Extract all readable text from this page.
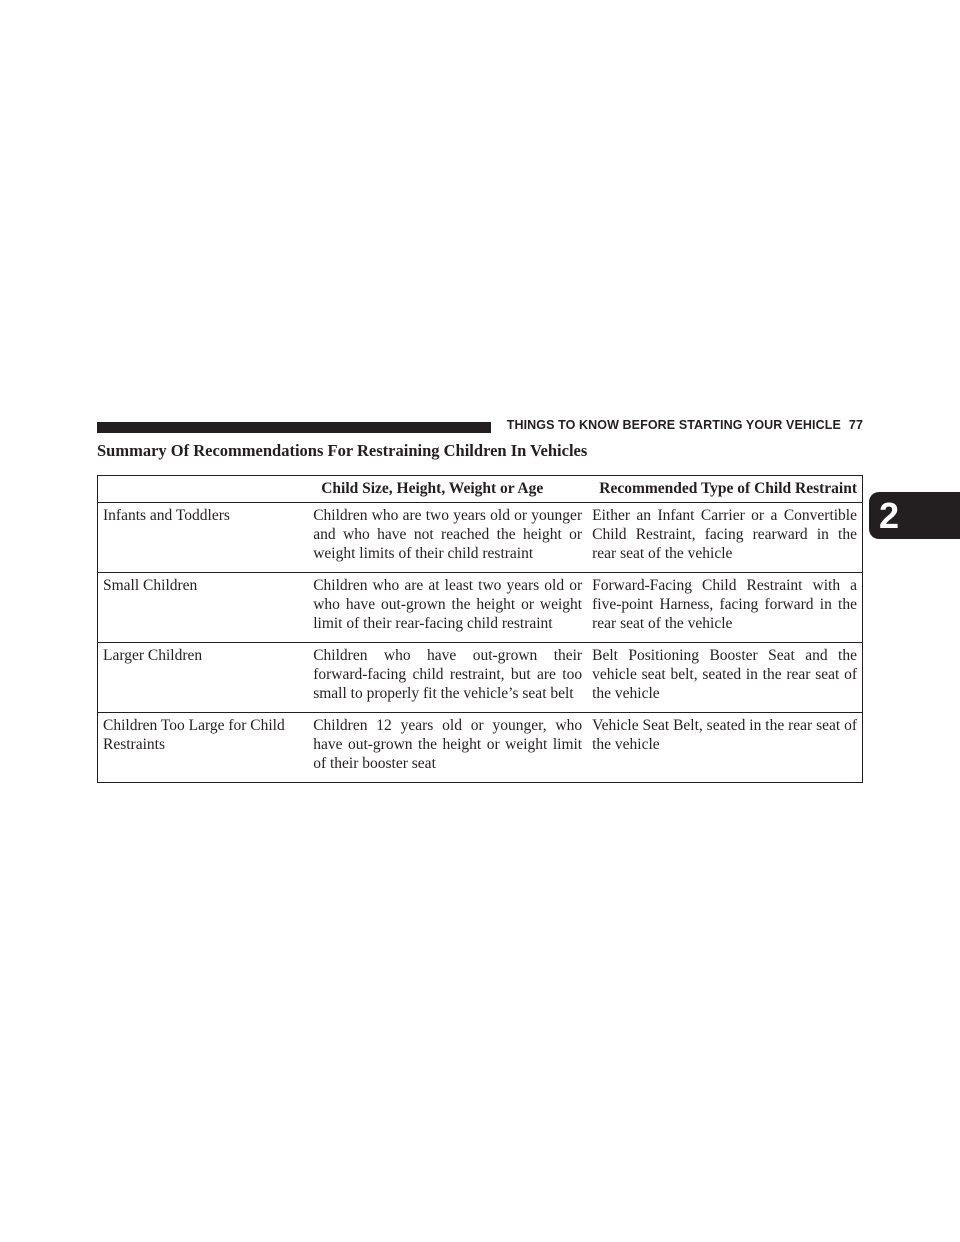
THINGS TO KNOW BEFORE STARTING YOUR VEHICLE 77
2
Summary Of Recommendations For Restraining Children In Vehicles
	Child Size, Height, Weight or Age	Recommended Type of Child Restraint
Infants and Toddlers	Children who are two years old or younger and who have not reached the height or weight limits of their child restraint	Either an Infant Carrier or a Convertible Child Restraint, facing rearward in the rear seat of the vehicle
Small Children	Children who are at least two years old or who have out-grown the height or weight limit of their rear-facing child restraint	Forward-Facing Child Restraint with a five-point Harness, facing forward in the rear seat of the vehicle
Larger Children	Children who have out-grown their forward-facing child restraint, but are too small to properly fit the vehicle’s seat belt	Belt Positioning Booster Seat and the vehicle seat belt, seated in the rear seat of the vehicle
Children Too Large for Child Restraints	Children 12 years old or younger, who have out-grown the height or weight limit of their booster seat	Vehicle Seat Belt, seated in the rear seat of the vehicle
